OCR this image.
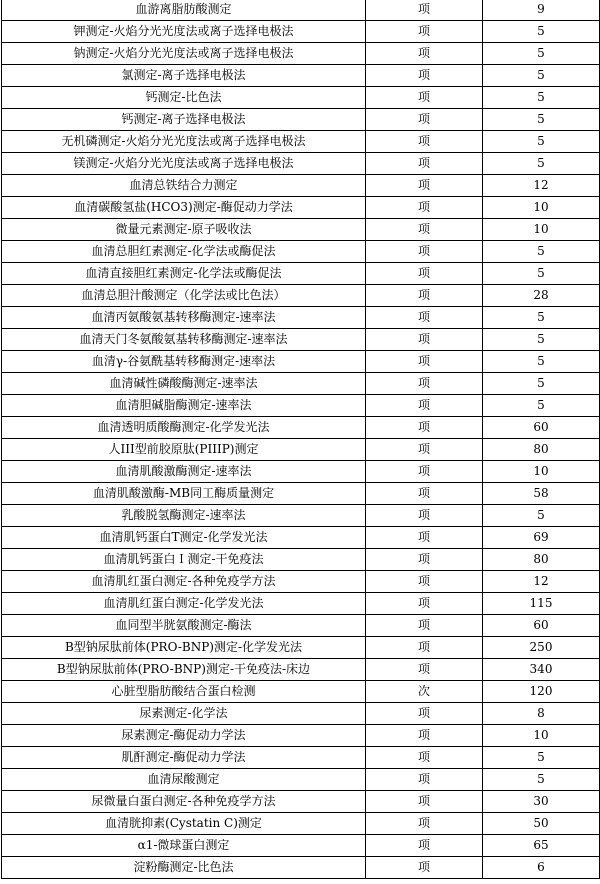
血游离脂肪酸测定	项	9
钾测定-火焰分光光度法或离子选择电极法	项	5
钠测定-火焰分光光度法或离子选择电极法	项	5
氯测定-离子选择电极法	项	5
钙测定-比色法	项	5
钙测定-离子选择电极法	项	5
无机磷测定-火焰分光光度法或离子选择电极法	项	5
镁测定-火焰分光光度法或离子选择电极法	项	5
血清总铁结合力测定	项	12
血清碳酸氢盐(HCO3)测定-酶促动力学法	项	10
微量元素测定-原子吸收法	项	10
血清总胆红素测定-化学法或酶促法	项	5
血清直接胆红素测定-化学法或酶促法	项	5
血清总胆汁酸测定（化学法或比色法）	项	28
血清丙氨酸氨基转移酶测定-速率法	项	5
血清天门冬氨酸氨基转移酶测定-速率法	项	5
血清γ-谷氨酰基转移酶测定-速率法	项	5
血清碱性磷酸酶测定-速率法	项	5
血清胆碱脂酶测定-速率法	项	5
血清透明质酸酶测定-化学发光法	项	60
人III型前胶原肽(PIIIP)测定	项	80
血清肌酸激酶测定-速率法	项	10
血清肌酸激酶-MB同工酶质量测定	项	58
乳酸脱氢酶测定-速率法	项	5
血清肌钙蛋白T测定-化学发光法	项	69
血清肌钙蛋白Ｉ测定-干免疫法	项	80
血清肌红蛋白测定-各种免疫学方法	项	12
血清肌红蛋白测定-化学发光法	项	115
血同型半胱氨酸测定-酶法	项	60
B型钠尿肽前体(PRO-BNP)测定-化学发光法	项	250
B型钠尿肽前体(PRO-BNP)测定-干免疫法-床边	项	340
心脏型脂肪酸结合蛋白检测	次	120
尿素测定-化学法	项	8
尿素测定-酶促动力学法	项	10
肌酐测定-酶促动力学法	项	5
血清尿酸测定	项	5
尿微量白蛋白测定-各种免疫学方法	项	30
血清胱抑素(Cystatin C)测定	项	50
α1-微球蛋白测定	项	65
淀粉酶测定-比色法	项	6
